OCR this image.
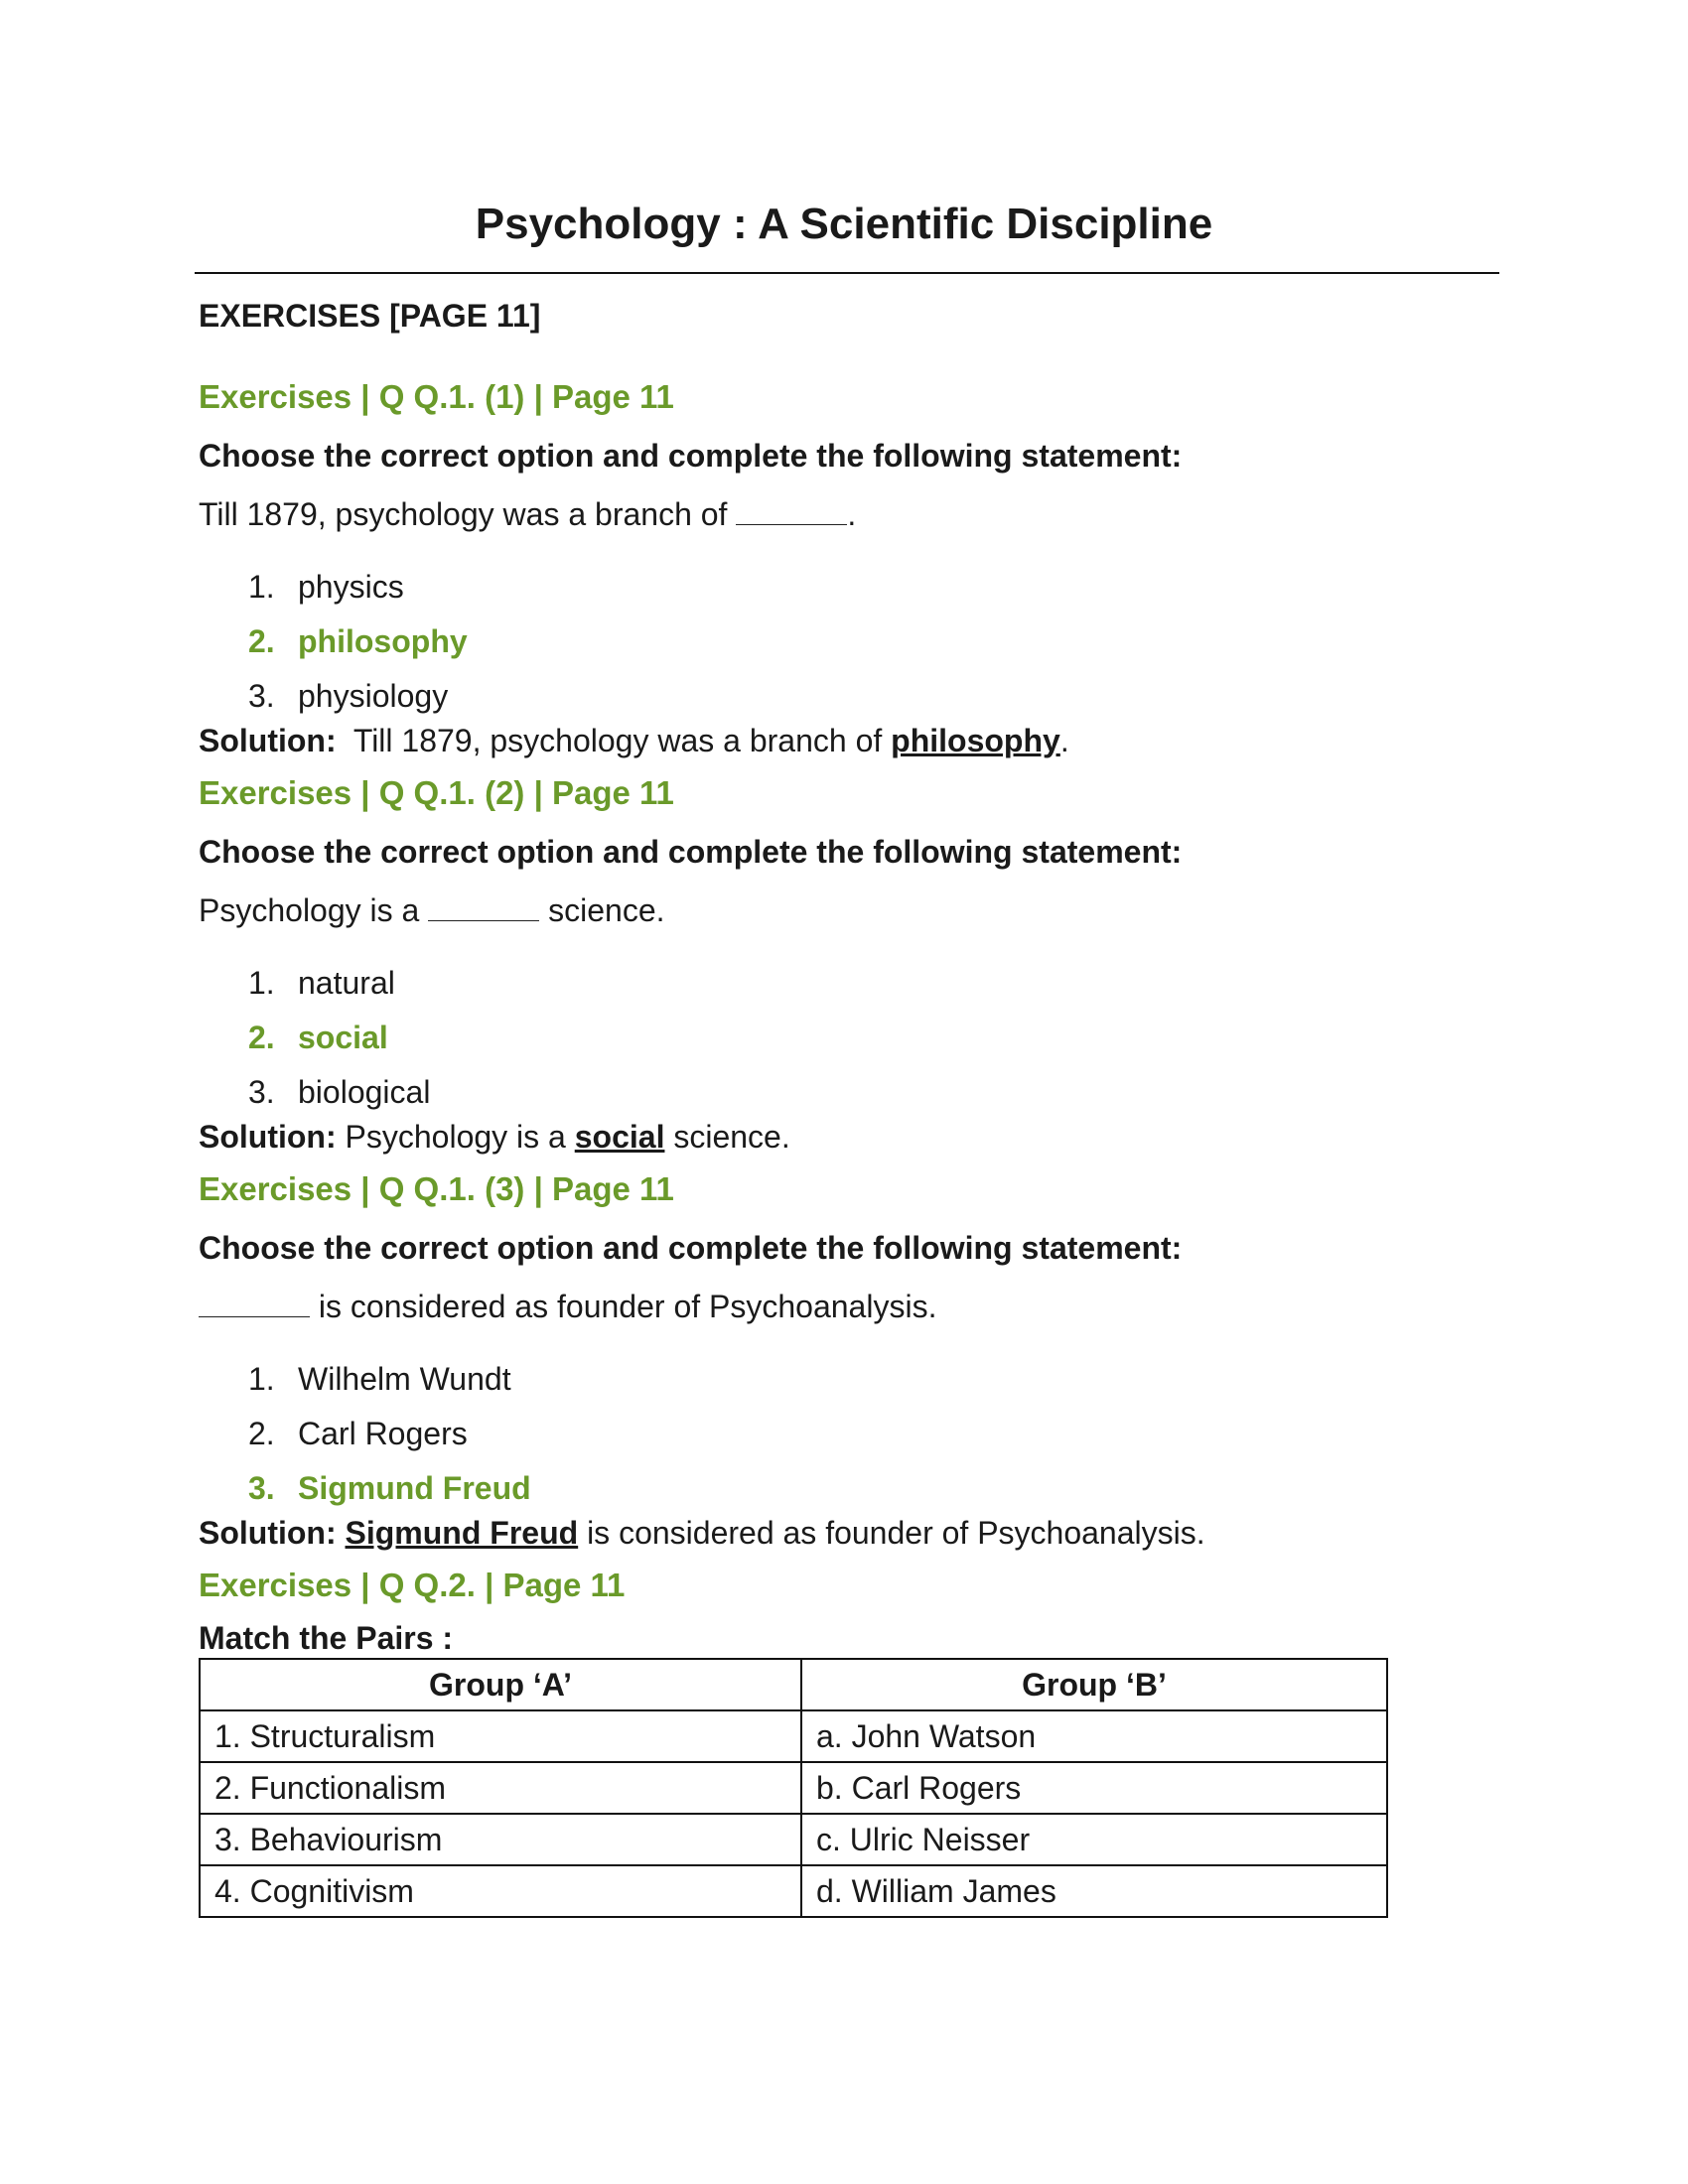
Psychology : A Scientific Discipline

EXERCISES [PAGE 11]

Exercises | Q Q.1. (1) | Page 11

Choose the correct option and complete the following statement:

Till 1879, psychology was a branch of	.

1. physics
2. philosophy
3. physiology

Solution: Till 1879, psychology was a branch of philosophy.

Exercises | Q Q.1. (2) | Page 11

Choose the correct option and complete the following statement:

Psychology is a	science.

1. natural
2. social
3. biological

Solution: Psychology is a social science.

Exercises | Q Q.1. (3) | Page 11

Choose the correct option and complete the following statement:

is considered as founder of Psychoanalysis.

1. Wilhelm Wundt
2. Carl Rogers
3. Sigmund Freud

Solution: Sigmund Freud is considered as founder of Psychoanalysis.

Exercises | Q Q.2. | Page 11

Match the Pairs :

Group ‘A’	Group ‘B’
1. Structuralism	a. John Watson
2. Functionalism	b. Carl Rogers
3. Behaviourism	c. Ulric Neisser
4. Cognitivism	d. William James
